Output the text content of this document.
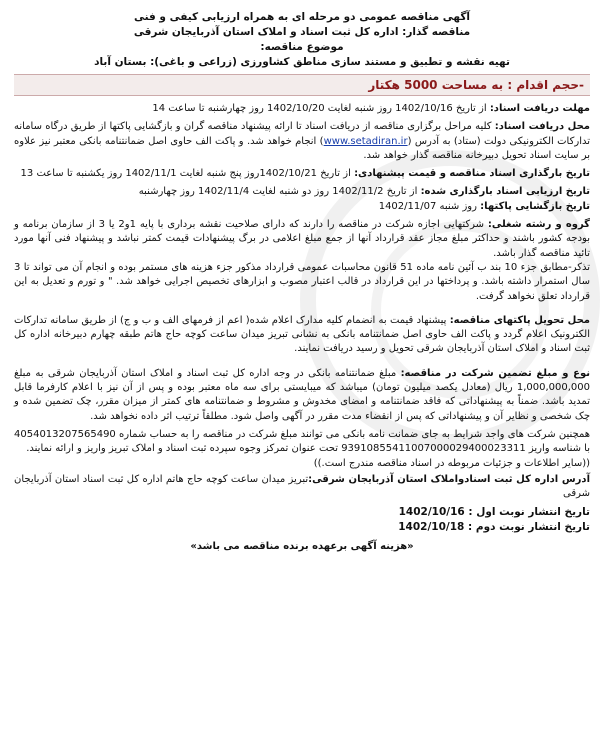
آگهی مناقصه عمومی دو مرحله ای به همراه ارزیابی کیفی و فنی
مناقصه گذار: اداره کل ثبت اسناد و املاک استان آذربایجان شرقی
موضوع مناقصه:
تهیه نقشه و تطبیق و مستند سازی مناطق کشاورزی (زراعی و باغی): بستان آباد
-حجم اقدام : به مساحت 5000 هکتار

مهلت دریافت اسناد: از تاریخ 1402/10/16 روز شنبه لغایت 1402/10/20 روز چهارشنبه تا ساعت 14

محل دریافت اسناد: کلیه مراحل برگزاری مناقصه از دریافت اسناد تا ارائه پیشنهاد مناقصه گران و بازگشایی پاکتها از طریق درگاه سامانه تدارکات الکترونیکی دولت (ستاد) به آدرس (www.setadiran.ir) انجام خواهد شد. و پاکت الف حاوی اصل ضمانتنامه بانکی معتبر نیز علاوه بر سایت اسناد تحویل دبیرخانه مناقصه گذار خواهد شد.

تاریخ بارگذاری اسناد مناقصه و قیمت پیشنهادی: از تاریخ 1402/10/21روز پنج شنبه لغایت 1402/11/1 روز یکشنبه تا ساعت 13

تاریخ ارزیابی اسناد بارگذاری شده: از تاریخ 1402/11/2 روز دو شنبه لغایت 1402/11/4 روز چهارشنبه

تاریخ بازگشایی پاکتها: روز شنبه 1402/11/07

گروه و رشته شغلی: شرکتهایی اجازه شرکت در مناقصه را دارند که دارای صلاحیت نقشه برداری با پایه 1و2 یا 3 از سازمان برنامه و بودجه کشور باشند و حداکثر مبلغ مجاز عقد قرارداد آنها از جمع مبلغ اعلامی در برگ پیشنهادات قیمت کمتر نباشد و پیشنهاد فنی آنها مورد تائید مناقصه گذار باشد.

تذکر-مطابق جزء 10 بند ب آئین نامه ماده 51 قانون محاسبات عمومی قرارداد مذکور جزء هزینه های مستمر بوده و انجام آن می تواند تا 3 سال استمرار داشته باشد. و پرداختها در این قرارداد در قالب اعتبار مصوب و ابزارهای تخصیص اجرایی خواهد شد. " و تورم و تعدیل به این قرارداد تعلق نخواهد گرفت.

محل تحویل پاکتهای مناقصه: پیشنهاد قیمت به انضمام کلیه مدارک اعلام شده( اعم از فرمهای الف و ب و ج) از طریق سامانه تدارکات الکترونیک اعلام گردد و پاکت الف حاوی اصل ضمانتنامه بانکی به نشانی تبریز میدان ساعت کوچه حاج هاتم طبقه چهارم دبیرخانه اداره کل ثبت اسناد و املاک استان آذربایجان شرقی تحویل و رسید دریافت نمایند.

نوع و مبلغ تضمین شرکت در مناقصه: مبلغ ضمانتنامه بانکی در وجه اداره کل ثبت اسناد و املاک استان آذربایجان شرقی به مبلغ 1,000,000,000 ریال (معادل یکصد میلیون تومان) میباشد که میبایستی برای سه ماه معتبر بوده و پس از آن نیز با اعلام کارفرما قابل تمدید باشد. ضمناً به پیشنهاداتی که فاقد ضمانتنامه و امضای مخدوش و مشروط و ضمانتنامه های کمتر از میزان مقرر، چک تضمین شده و چک شخصی و نظایر آن و پیشنهاداتی که پس از انقضاء مدت مقرر در آگهی واصل شود. مطلقاً ترتیب اثر داده نخواهد شد.

همچنین شرکت های واجد شرایط به جای ضمانت نامه بانکی می توانند مبلغ شرکت در مناقصه را به حساب شماره 4054013207565490 با شناسه واریز 93910855411007000029400023311 تحت عنوان تمرکز وجوه سپرده ثبت اسناد و املاک تبریز واریز و ارائه نمایند.

((سایر اطلاعات و جزئیات مربوطه در اسناد مناقصه مندرج است.))

آدرس اداره کل ثبت اسنادواملاک استان آذربایجان شرقی:تبریز میدان ساعت کوچه حاج هاتم اداره کل ثبت اسناد استان آذربایجان شرقی

تاریخ انتشار نوبت اول : 1402/10/16
تاریخ انتشار نوبت دوم : 1402/10/18
«هزینه آگهی برعهده برنده مناقصه می باشد»
